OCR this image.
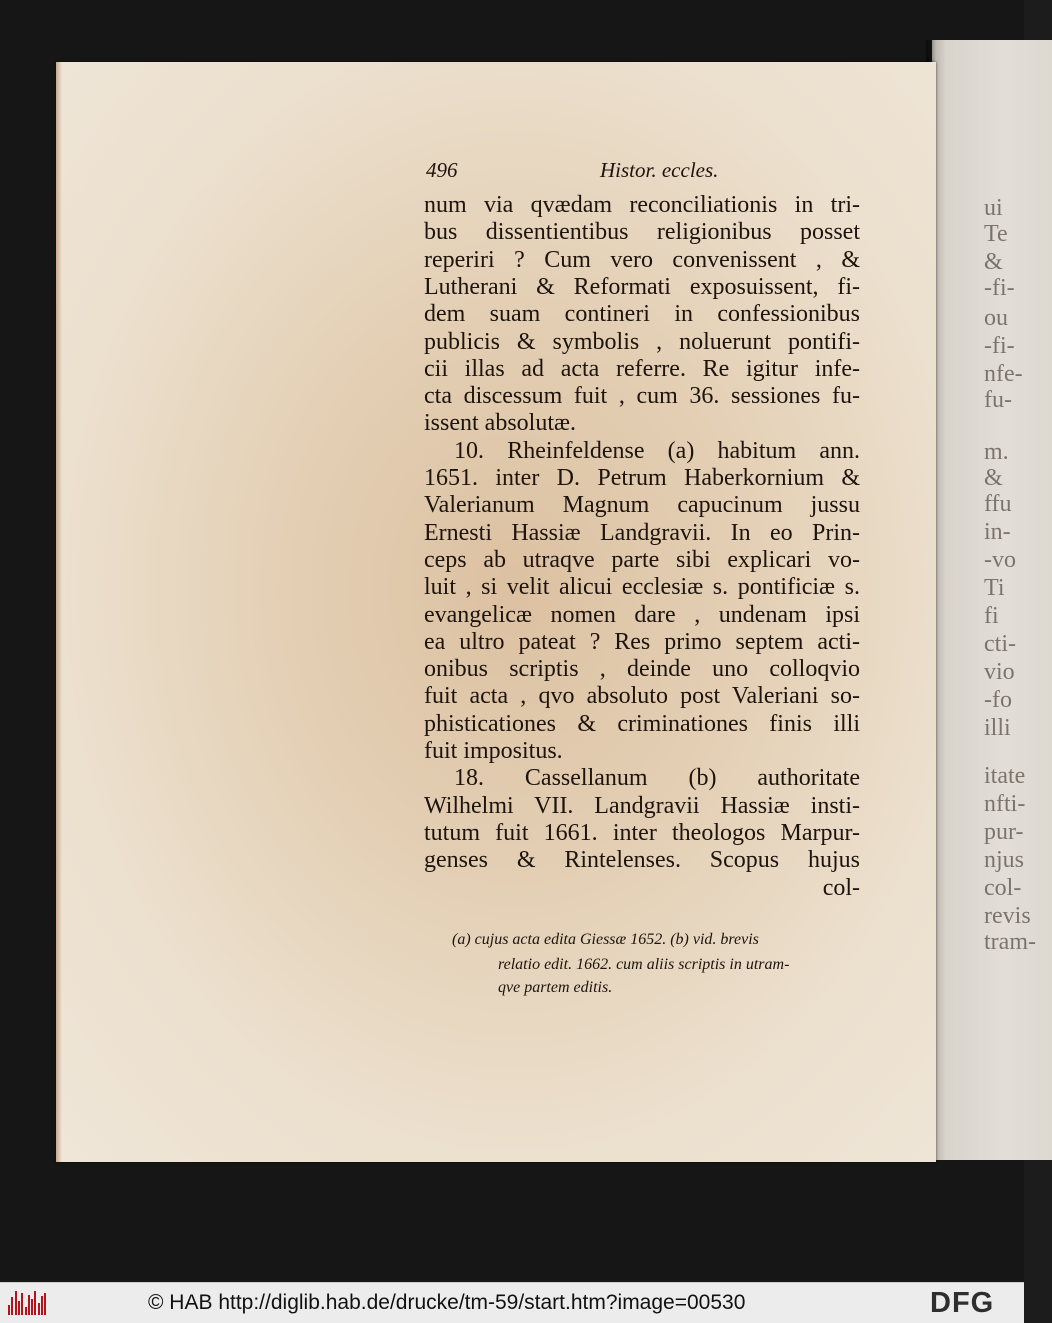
ui
Te
&
-fi-
ou
-fi-
nfe-
fu-
m.
&
ffu
in-
-vo
Ti
fi
cti-
vio
-fo
illi
itate
nfti-
pur-
njus
col-
revis
tram-
496	Histor. eccles.
num via qvædam reconciliationis in tri-
bus dissentientibus religionibus posset
reperiri ? Cum vero convenissent , &
Lutherani & Reformati exposuissent, fi-
dem suam contineri in confessionibus
publicis & symbolis , noluerunt pontifi-
cii illas ad acta referre. Re igitur infe-
cta discessum fuit , cum 36. sessiones fu-
issent absolutæ.
10. Rheinfeldense (a) habitum ann.
1651. inter D. Petrum Haberkornium &
Valerianum Magnum capucinum jussu
Ernesti Hassiæ Landgravii. In eo Prin-
ceps ab utraqve parte sibi explicari vo-
luit , si velit alicui ecclesiæ s. pontificiæ s.
evangelicæ nomen dare , undenam ipsi
ea ultro pateat ? Res primo septem acti-
onibus scriptis , deinde uno colloqvio
fuit acta , qvo absoluto post Valeriani so-
phisticationes & criminationes finis illi
fuit impositus.
18. Cassellanum (b) authoritate
Wilhelmi VII. Landgravii Hassiæ insti-
tutum fuit 1661. inter theologos Marpur-
genses & Rintelenses. Scopus hujus
col-
(a) cujus acta edita Giessæ 1652. (b) vid. brevis
relatio edit. 1662. cum aliis scriptis in utram-
qve partem editis.
© HAB http://diglib.hab.de/drucke/tm-59/start.htm?image=00530	DFG
